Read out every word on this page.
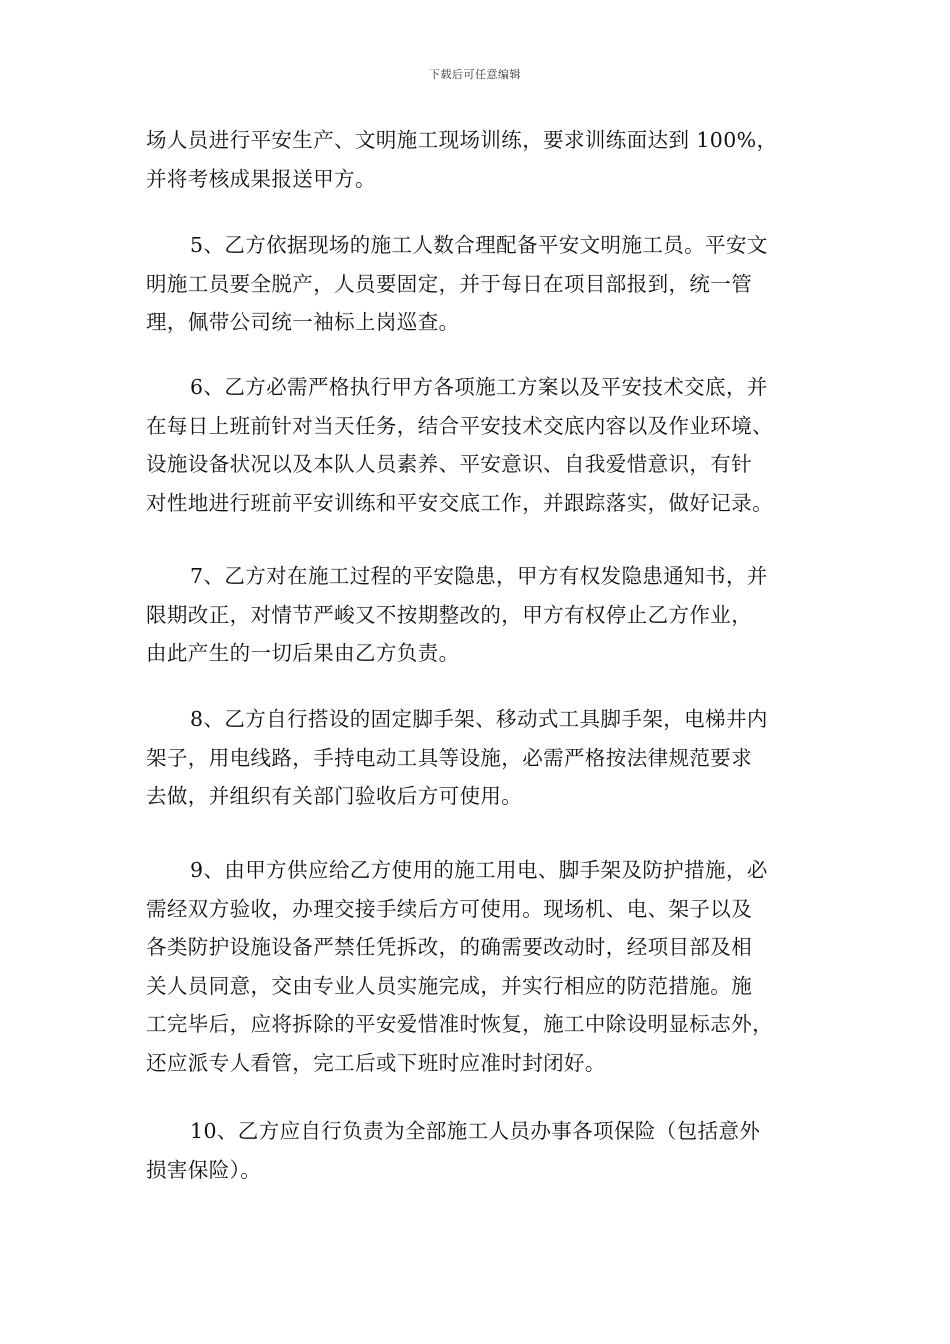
下载后可任意编辑
场人员进行平安生产、文明施工现场训练，要求训练面达到 100%，
并将考核成果报送甲方。
5、乙方依据现场的施工人数合理配备平安文明施工员。平安文
明施工员要全脱产，人员要固定，并于每日在项目部报到，统一管
理，佩带公司统一袖标上岗巡查。
6、乙方必需严格执行甲方各项施工方案以及平安技术交底，并
在每日上班前针对当天任务，结合平安技术交底内容以及作业环境、
设施设备状况以及本队人员素养、平安意识、自我爱惜意识，有针
对性地进行班前平安训练和平安交底工作，并跟踪落实，做好记录。
7、乙方对在施工过程的平安隐患，甲方有权发隐患通知书，并
限期改正，对情节严峻又不按期整改的，甲方有权停止乙方作业，
由此产生的一切后果由乙方负责。
8、乙方自行搭设的固定脚手架、移动式工具脚手架，电梯井内
架子，用电线路，手持电动工具等设施，必需严格按法律规范要求
去做，并组织有关部门验收后方可使用。
9、由甲方供应给乙方使用的施工用电、脚手架及防护措施，必
需经双方验收，办理交接手续后方可使用。现场机、电、架子以及
各类防护设施设备严禁任凭拆改，的确需要改动时，经项目部及相
关人员同意，交由专业人员实施完成，并实行相应的防范措施。施
工完毕后，应将拆除的平安爱惜准时恢复，施工中除设明显标志外，
还应派专人看管，完工后或下班时应准时封闭好。
10、乙方应自行负责为全部施工人员办事各项保险（包括意外
损害保险）。
